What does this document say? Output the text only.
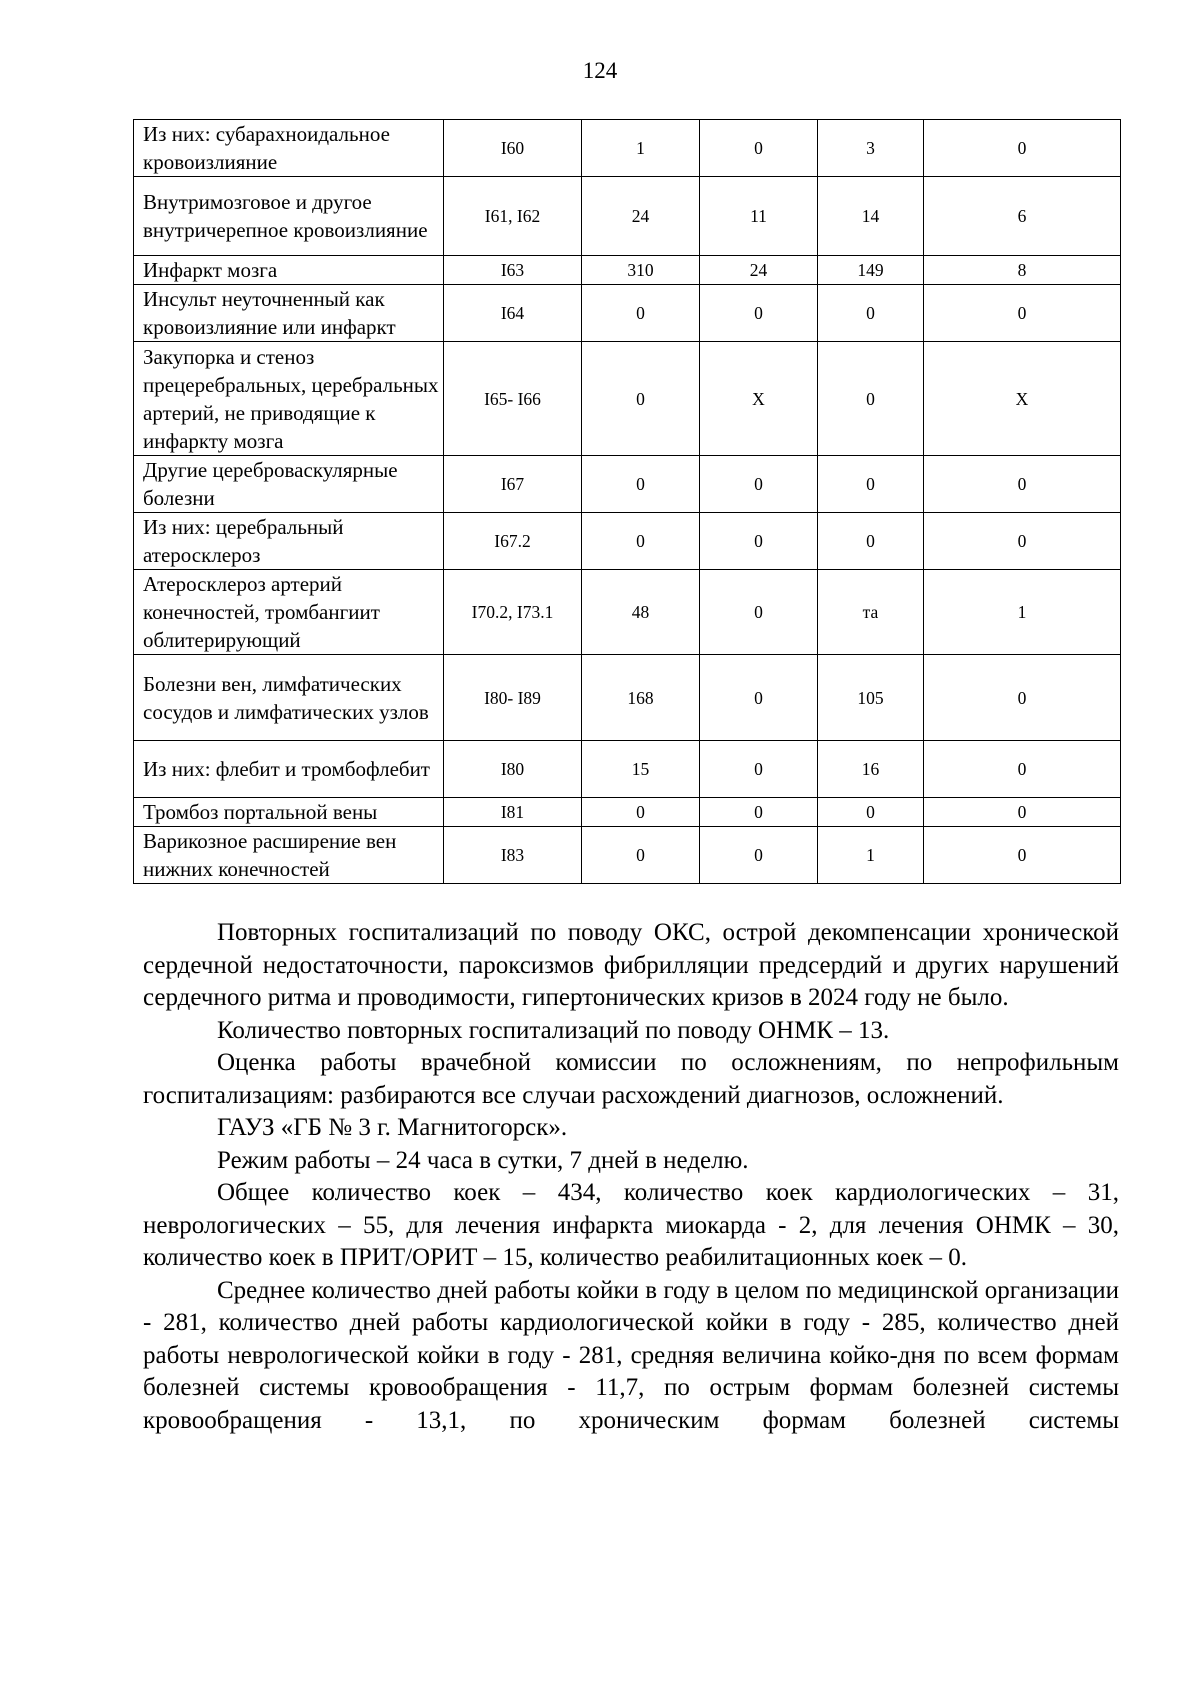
124
Из них: субарахноидальное кровоизлияние	I60	1	0	3	0
Внутримозговое и другое внутричерепное кровоизлияние	I61, I62	24	11	14	6
Инфаркт мозга	I63	310	24	149	8
Инсульт неуточненный как кровоизлияние или инфаркт	I64	0	0	0	0
Закупорка и стеноз прецеребральных, церебральных артерий, не приводящие к инфаркту мозга	I65- I66	0	X	0	X
Другие цереброваскулярные болезни	I67	0	0	0	0
Из них: церебральный атеросклероз	I67.2	0	0	0	0
Атеросклероз артерий конечностей, тромбангиит облитерирующий	I70.2, I73.1	48	0	та	1
Болезни вен, лимфатических сосудов и лимфатических узлов	I80- I89	168	0	105	0
Из них: флебит и тромбофлебит	I80	15	0	16	0
Тромбоз портальной вены	I81	0	0	0	0
Варикозное расширение вен нижних конечностей	I83	0	0	1	0

Повторных госпитализаций по поводу ОКС, острой декомпенсации хронической сердечной недостаточности, пароксизмов фибрилляции предсердий и других нарушений сердечного ритма и проводимости, гипертонических кризов в 2024 году не было.

Количество повторных госпитализаций по поводу ОНМК – 13.

Оценка работы врачебной комиссии по осложнениям, по непрофильным госпитализациям: разбираются все случаи расхождений диагнозов, осложнений.

ГАУЗ «ГБ № 3 г. Магнитогорск».

Режим работы – 24 часа в сутки, 7 дней в неделю.

Общее количество коек – 434, количество коек кардиологических – 31, неврологических – 55, для лечения инфаркта миокарда - 2, для лечения ОНМК – 30, количество коек в ПРИТ/ОРИТ – 15, количество реабилитационных коек – 0.

Среднее количество дней работы койки в году в целом по медицинской организации - 281, количество дней работы кардиологической койки в году - 285, количество дней работы неврологической койки в году - 281, средняя величина койко-дня по всем формам болезней системы кровообращения - 11,7, по острым формам болезней системы кровообращения - 13,1, по хроническим формам болезней системы
